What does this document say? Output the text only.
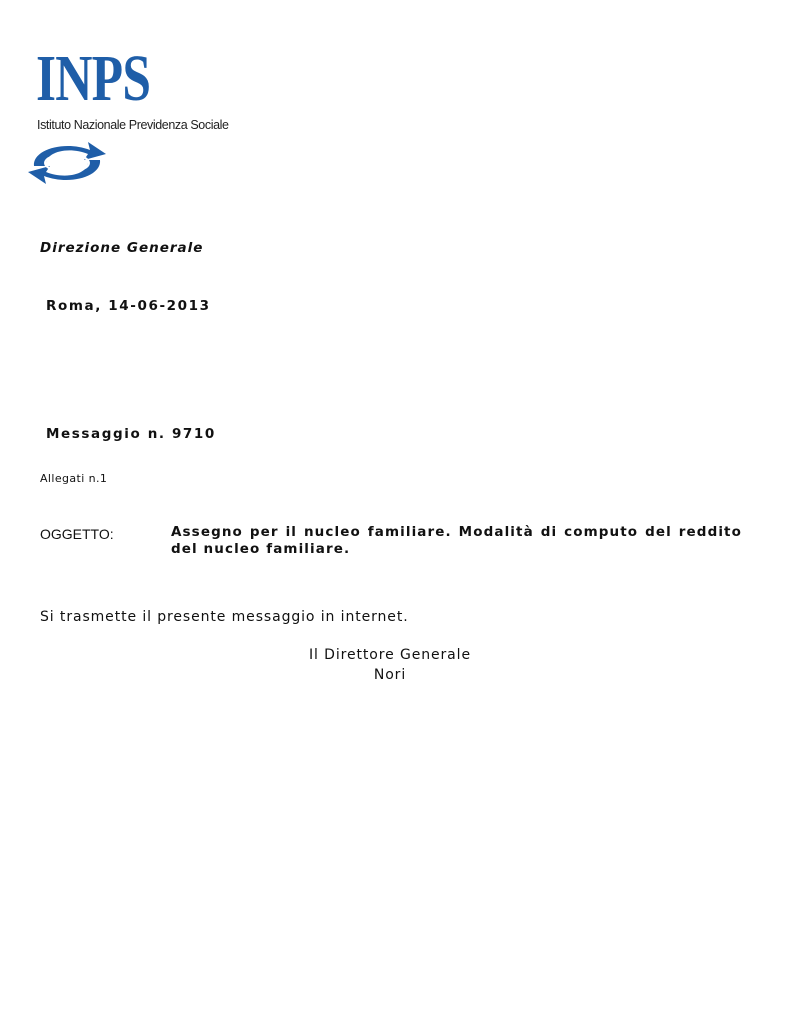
INPS
Istituto Nazionale Previdenza Sociale

Direzione Generale

Roma, 14-06-2013

Messaggio n. 9710

Allegati n.1

OGGETTO:	Assegno per il nucleo familiare. Modalità di computo del reddito del nucleo familiare.

Si trasmette il presente messaggio in internet.

Il Direttore Generale
Nori
